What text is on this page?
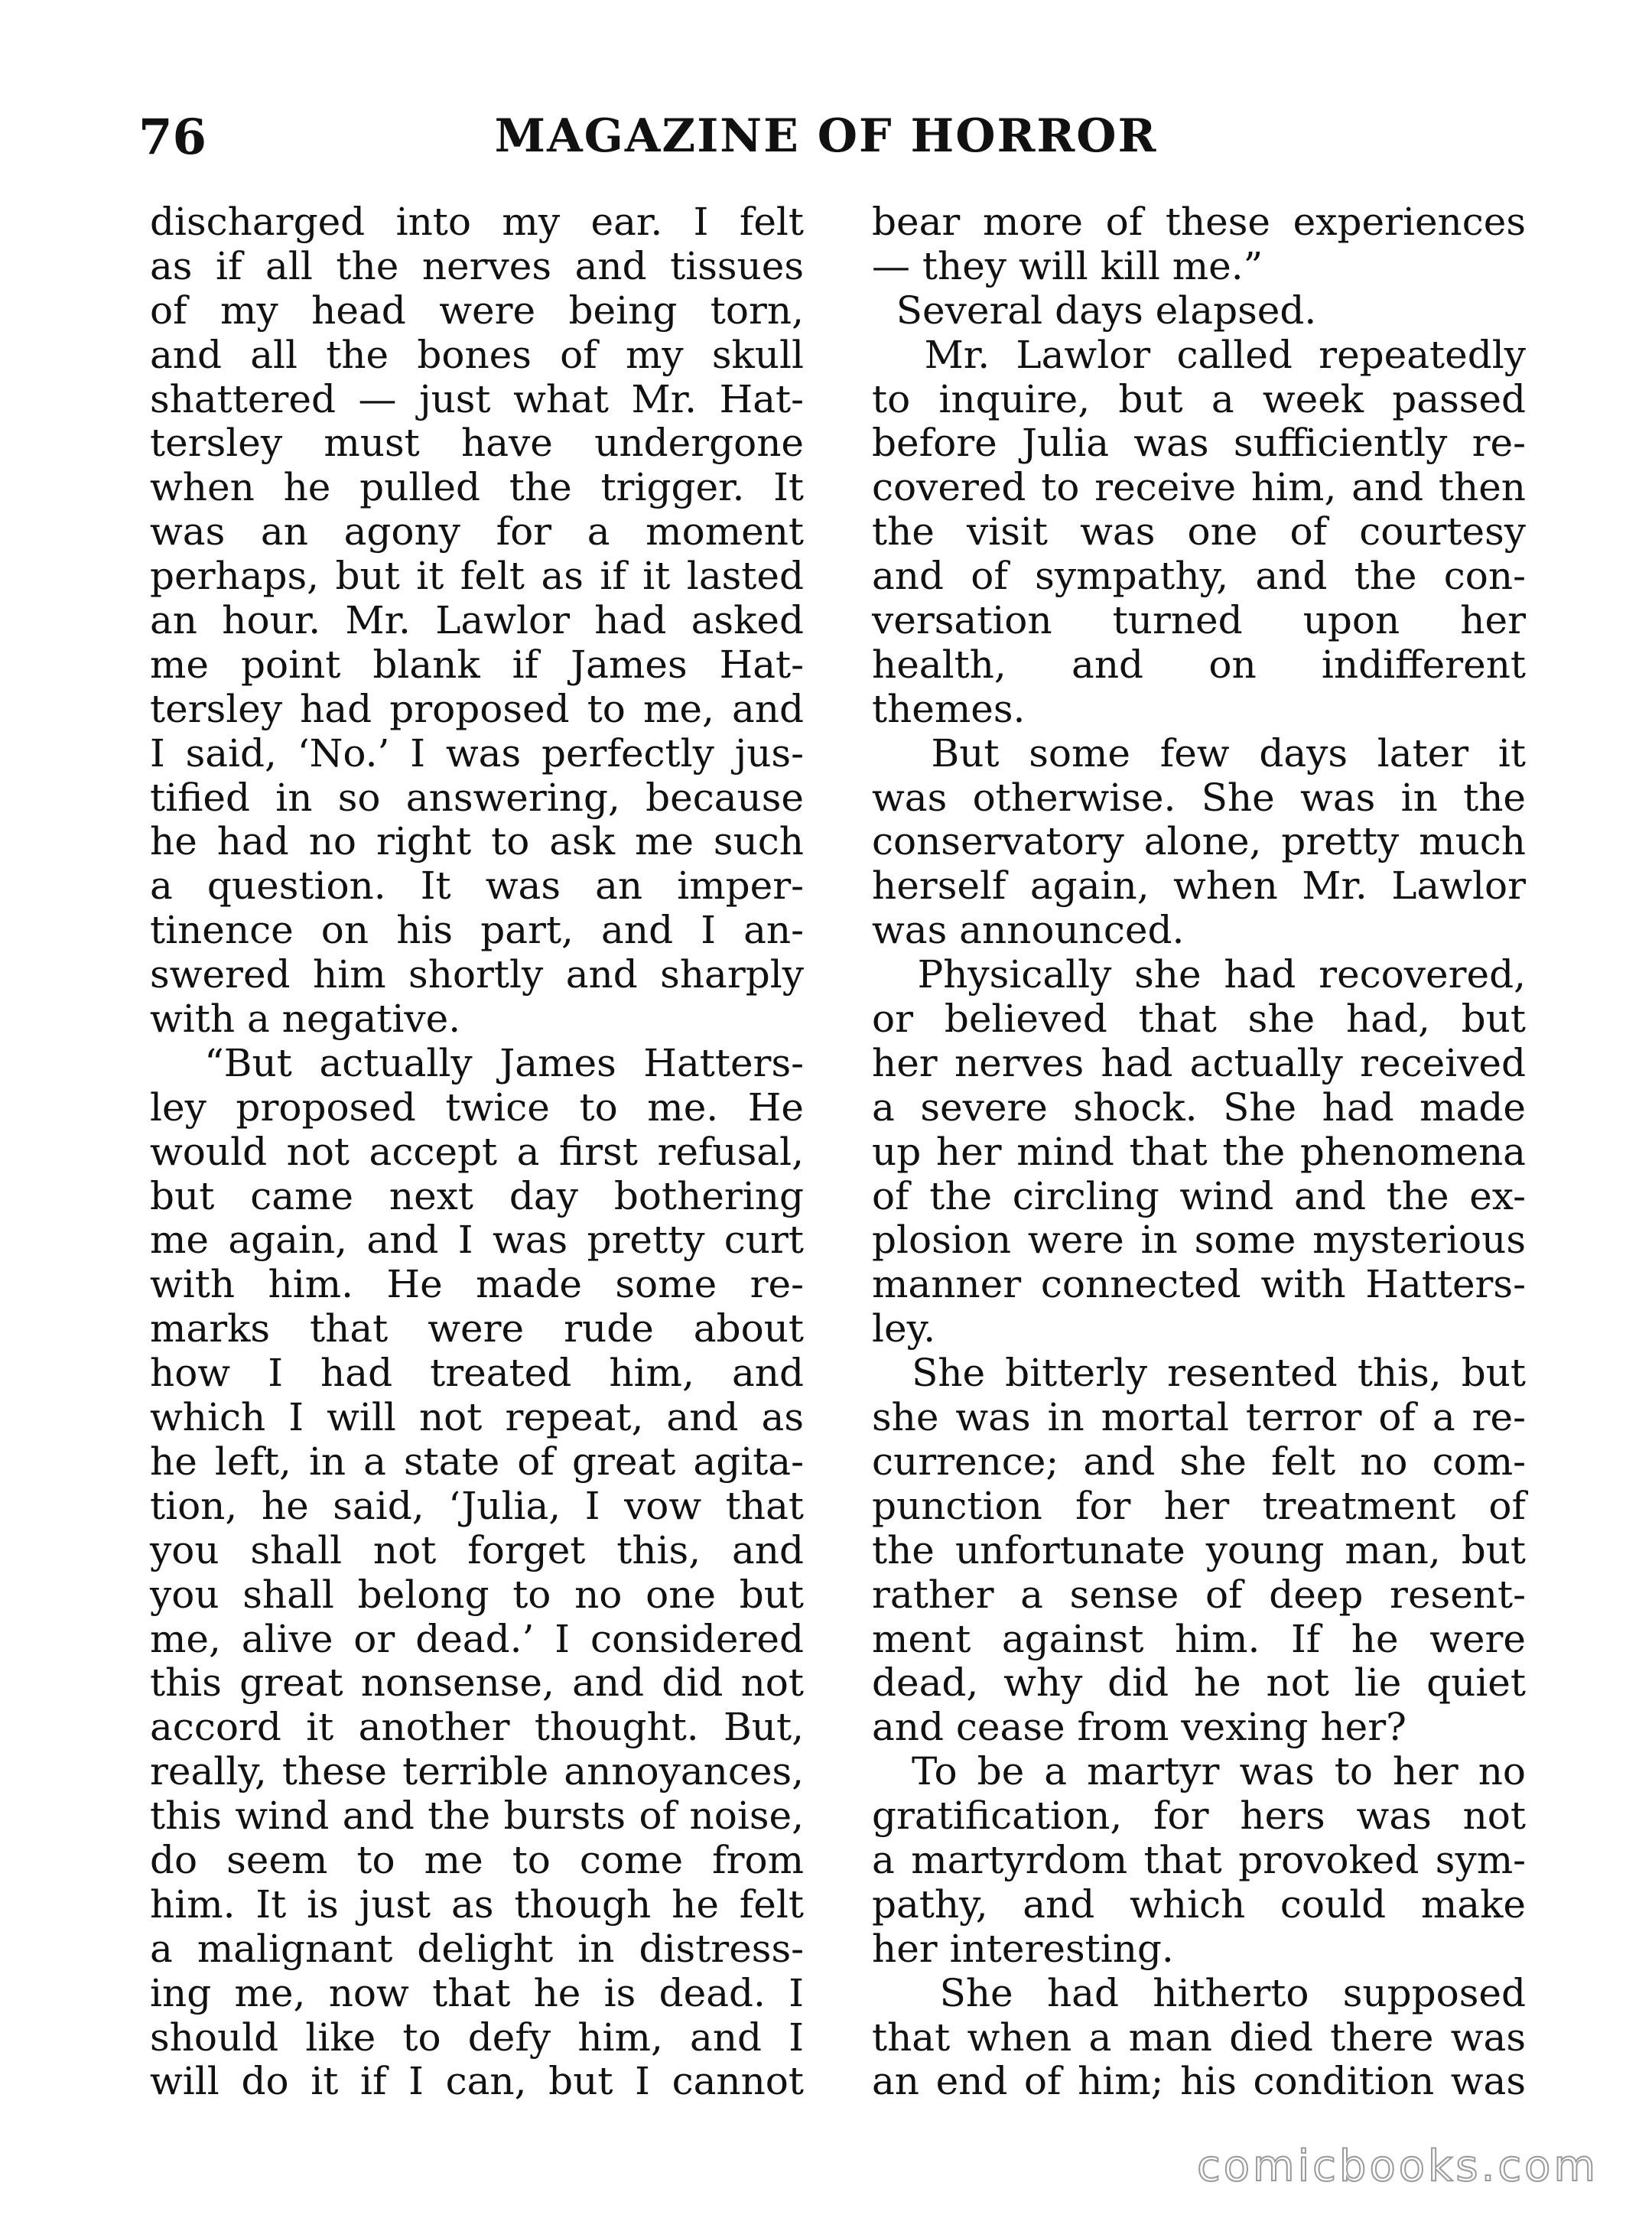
76	MAGAZINE OF HORROR
discharged into my ear. I felt
as if all the nerves and tissues
of my head were being torn,
and all the bones of my skull
shattered — just what Mr. Hat-
tersley must have undergone
when he pulled the trigger. It
was an agony for a moment
perhaps, but it felt as if it lasted
an hour. Mr. Lawlor had asked
me point blank if James Hat-
tersley had proposed to me, and
I said, ‘No.’ I was perfectly jus-
tified in so answering, because
he had no right to ask me such
a question. It was an imper-
tinence on his part, and I an-
swered him shortly and sharply
with a negative.
“But actually James Hatters-
ley proposed twice to me. He
would not accept a first refusal,
but came next day bothering
me again, and I was pretty curt
with him. He made some re-
marks that were rude about
how I had treated him, and
which I will not repeat, and as
he left, in a state of great agita-
tion, he said, ‘Julia, I vow that
you shall not forget this, and
you shall belong to no one but
me, alive or dead.’ I considered
this great nonsense, and did not
accord it another thought. But,
really, these terrible annoyances,
this wind and the bursts of noise,
do seem to me to come from
him. It is just as though he felt
a malignant delight in distress-
ing me, now that he is dead. I
should like to defy him, and I
will do it if I can, but I cannot
bear more of these experiences
— they will kill me.”
Several days elapsed.
Mr. Lawlor called repeatedly
to inquire, but a week passed
before Julia was sufficiently re-
covered to receive him, and then
the visit was one of courtesy
and of sympathy, and the con-
versation turned upon her
health, and on indifferent
themes.
But some few days later it
was otherwise. She was in the
conservatory alone, pretty much
herself again, when Mr. Lawlor
was announced.
Physically she had recovered,
or believed that she had, but
her nerves had actually received
a severe shock. She had made
up her mind that the phenomena
of the circling wind and the ex-
plosion were in some mysterious
manner connected with Hatters-
ley.
She bitterly resented this, but
she was in mortal terror of a re-
currence; and she felt no com-
punction for her treatment of
the unfortunate young man, but
rather a sense of deep resent-
ment against him. If he were
dead, why did he not lie quiet
and cease from vexing her?
To be a martyr was to her no
gratification, for hers was not
a martyrdom that provoked sym-
pathy, and which could make
her interesting.
She had hitherto supposed
that when a man died there was
an end of him; his condition was
comicbooks.com
